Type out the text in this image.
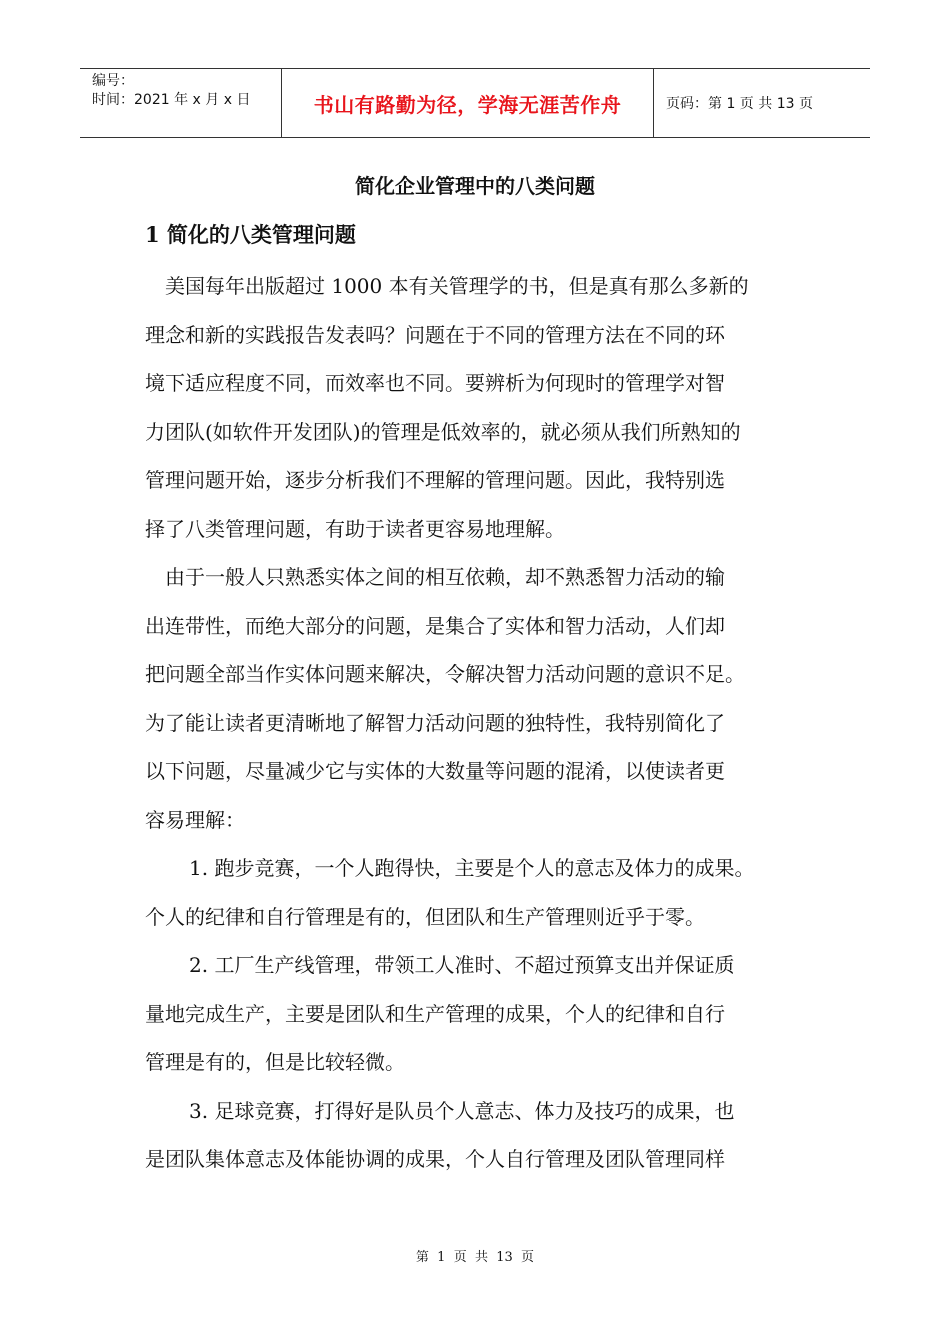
编号：
时间：2021 年 x 月 x 日	书山有路勤为径，学海无涯苦作舟	页码：第 1 页 共 13 页
简化企业管理中的八类问题
1 简化的八类管理问题

美国每年出版超过 1000 本有关管理学的书，但是真有那么多新的
理念和新的实践报告发表吗？问题在于不同的管理方法在不同的环
境下适应程度不同，而效率也不同。要辨析为何现时的管理学对智
力团队(如软件开发团队)的管理是低效率的，就必须从我们所熟知的
管理问题开始，逐步分析我们不理解的管理问题。因此，我特别选
择了八类管理问题，有助于读者更容易地理解。

由于一般人只熟悉实体之间的相互依赖，却不熟悉智力活动的输
出连带性，而绝大部分的问题，是集合了实体和智力活动，人们却
把问题全部当作实体问题来解决，令解决智力活动问题的意识不足。
为了能让读者更清晰地了解智力活动问题的独特性，我特别简化了
以下问题，尽量减少它与实体的大数量等问题的混淆，以使读者更
容易理解：

1. 跑步竞赛，一个人跑得快，主要是个人的意志及体力的成果。
个人的纪律和自行管理是有的，但团队和生产管理则近乎于零。

2. 工厂生产线管理，带领工人准时、不超过预算支出并保证质
量地完成生产，主要是团队和生产管理的成果，个人的纪律和自行
管理是有的，但是比较轻微。

3. 足球竞赛，打得好是队员个人意志、体力及技巧的成果，也
是团队集体意志及体能协调的成果，个人自行管理及团队管理同样

第  1  页  共  13  页
